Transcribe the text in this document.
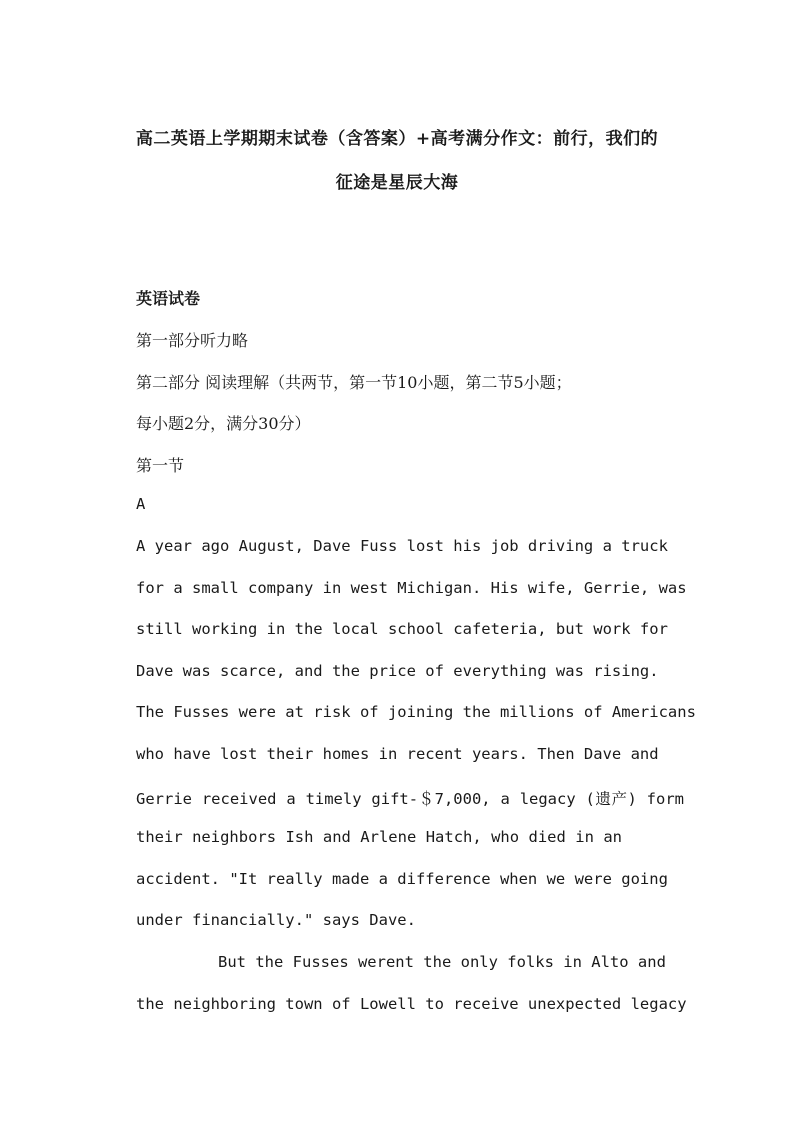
高二英语上学期期末试卷（含答案）+高考满分作文：前行，我们的
征途是星辰大海
英语试卷
第一部分听力略
第二部分 阅读理解（共两节，第一节10小题，第二节5小题；
每小题2分，满分30分）
第一节
A
A year ago August, Dave Fuss lost his job driving a truck
for a small company in west Michigan. His wife, Gerrie, was
still working in the local school cafeteria, but work for
Dave was scarce, and the price of everything was rising.
The Fusses were at risk of joining the millions of Americans
who have lost their homes in recent years. Then Dave and
Gerrie received a timely gift-＄7,000, a legacy (遗产) form
their neighbors Ish and Arlene Hatch, who died in an
accident. "It really made a difference when we were going
under financially." says Dave.
But the Fusses werent the only folks in Alto and
the neighboring town of Lowell to receive unexpected legacy
